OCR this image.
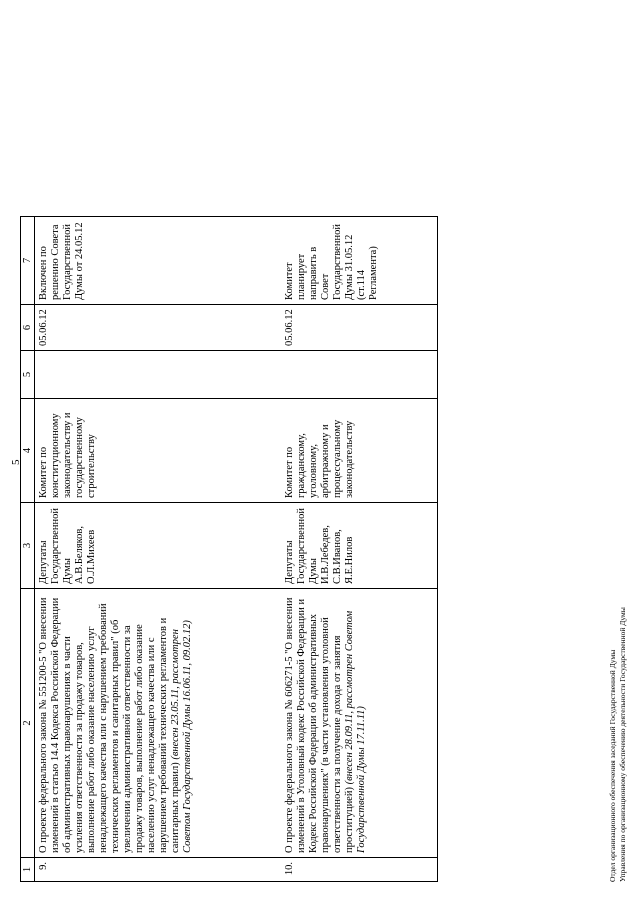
5
1	2	3	4	5	6	7
9.	О проекте федерального закона № 551200-5 "О внесении изменений в статью 14.4 Кодекса Российской Федерации об административных правонарушениях в части усиления ответственности за продажу товаров, выполнение работ либо оказание населению услуг ненадлежащего качества или с нарушением требований технических регламентов и санитарных правил" (об увеличении административной ответственности за продажу товаров, выполнение работ либо оказание населению услуг ненадлежащего качества или с нарушением требований технических регламентов и санитарных правил) (внесен 23.05.11, рассмотрен Советом Государственной Думы 16.06.11, 09.02.12)	Депутаты Государственной Думы А.В.Беляков, О.Л.Михеев	Комитет по конституционному законодательству и государственному строительству		05.06.12	Включен по решению Совета Государственной Думы от 24.05.12
10.	О проекте федерального закона № 606271-5 "О внесении изменений в Уголовный кодекс Российской Федерации и Кодекс Российской Федерации об административных правонарушениях" (в части установления уголовной ответственности за получение дохода от занятия проституцией) (внесен 28.09.11, рассмотрен Советом Государственной Думы 17.11.11)	Депутаты Государственной Думы И.В.Лебедев, С.В.Иванов, Я.Е.Нилов	Комитет по гражданскому, уголовному, арбитражному и процессуальному законодательству		05.06.12	Комитет планирует направить в Совет Государственной Думы 31.05.12 (ст.114 Регламента)
Отдел организационного обеспечения заседаний Государственной Думы Управления по организационному обеспечению деятельности Государственной Думы
